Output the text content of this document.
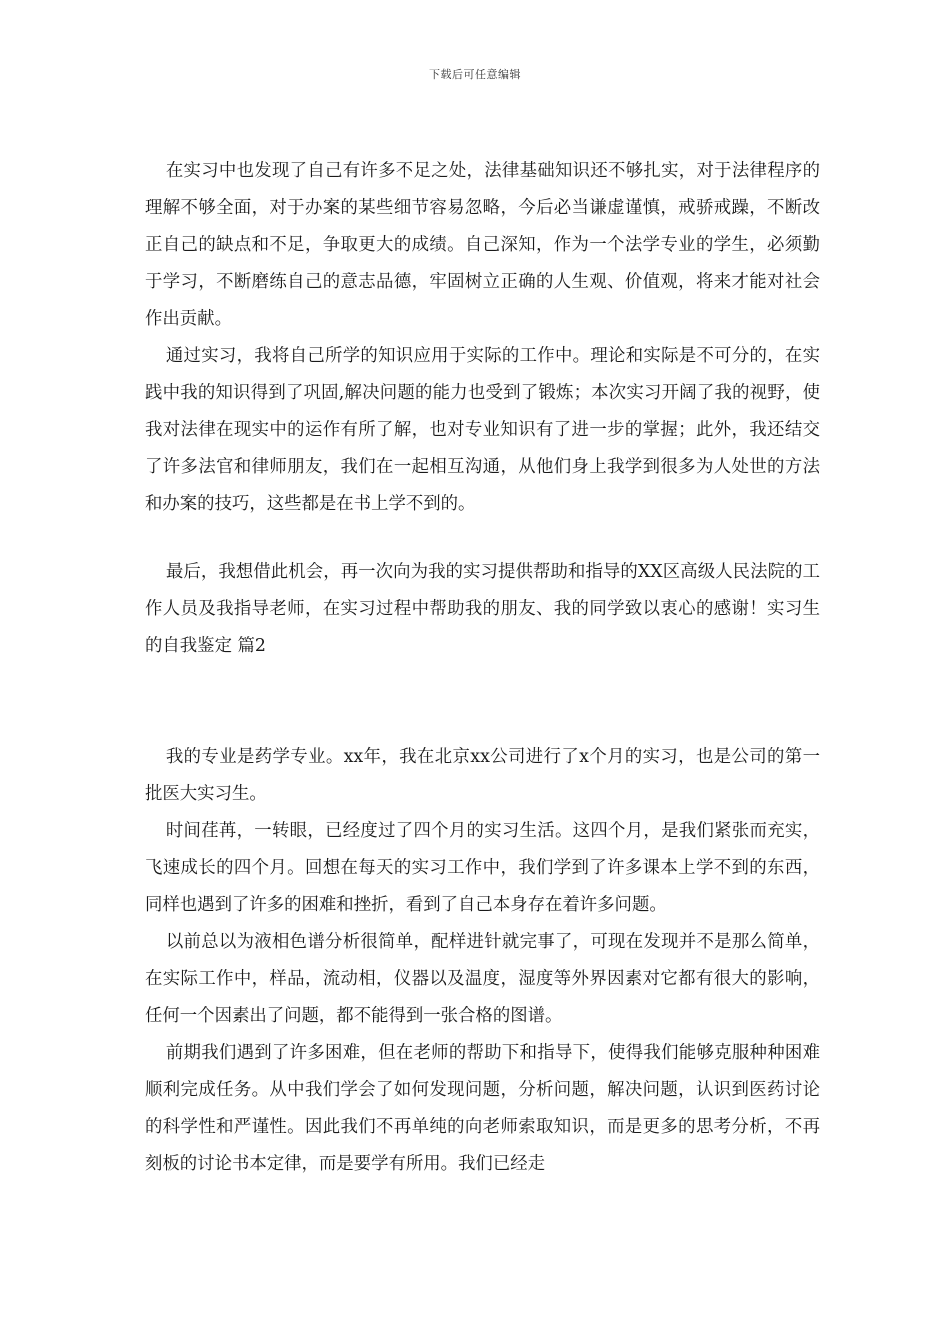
下载后可任意编辑

在实习中也发现了自己有许多不足之处，法律基础知识还不够扎实，对于法律程序的理解不够全面，对于办案的某些细节容易忽略，今后必当谦虚谨慎，戒骄戒躁，不断改正自己的缺点和不足，争取更大的成绩。自己深知，作为一个法学专业的学生，必须勤于学习，不断磨练自己的意志品德，牢固树立正确的人生观、价值观，将来才能对社会作出贡献。

通过实习，我将自己所学的知识应用于实际的工作中。理论和实际是不可分的，在实践中我的知识得到了巩固,解决问题的能力也受到了锻炼；本次实习开阔了我的视野，使我对法律在现实中的运作有所了解，也对专业知识有了进一步的掌握；此外，我还结交了许多法官和律师朋友，我们在一起相互沟通，从他们身上我学到很多为人处世的方法和办案的技巧，这些都是在书上学不到的。

最后，我想借此机会，再一次向为我的实习提供帮助和指导的XX区高级人民法院的工作人员及我指导老师，在实习过程中帮助我的朋友、我的同学致以衷心的感谢！实习生的自我鉴定 篇2

我的专业是药学专业。xx年，我在北京xx公司进行了x个月的实习，也是公司的第一批医大实习生。

时间荏苒，一转眼，已经度过了四个月的实习生活。这四个月，是我们紧张而充实，飞速成长的四个月。回想在每天的实习工作中，我们学到了许多课本上学不到的东西，同样也遇到了许多的困难和挫折，看到了自己本身存在着许多问题。

以前总以为液相色谱分析很简单，配样进针就完事了，可现在发现并不是那么简单，在实际工作中，样品，流动相，仪器以及温度，湿度等外界因素对它都有很大的影响，任何一个因素出了问题，都不能得到一张合格的图谱。

前期我们遇到了许多困难，但在老师的帮助下和指导下，使得我们能够克服种种困难顺利完成任务。从中我们学会了如何发现问题，分析问题，解决问题，认识到医药讨论的科学性和严谨性。因此我们不再单纯的向老师索取知识，而是更多的思考分析，不再刻板的讨论书本定律，而是要学有所用。我们已经走
